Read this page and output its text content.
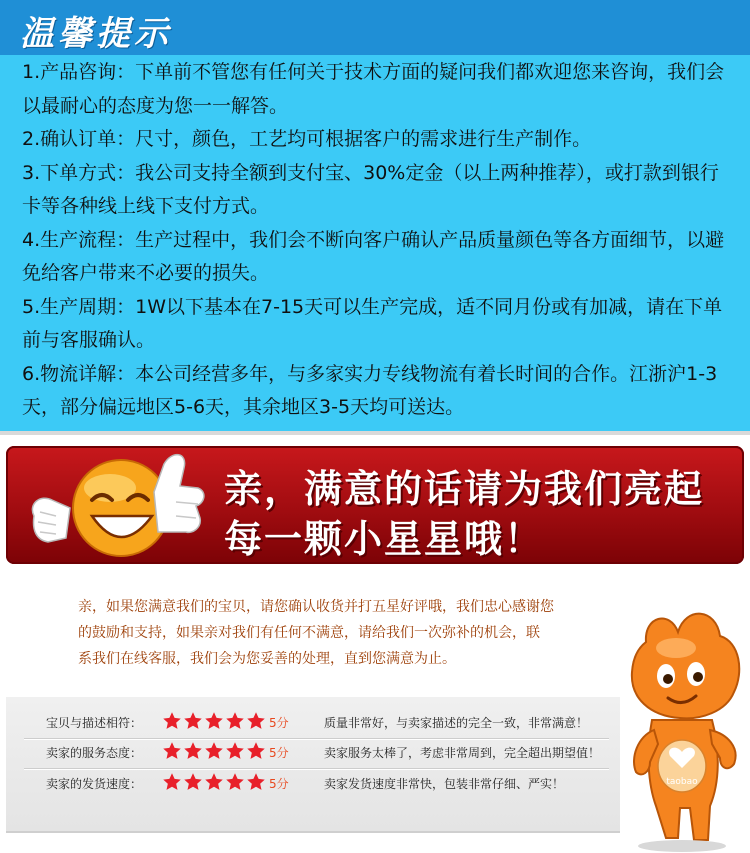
温馨提示

1.产品咨询：下单前不管您有任何关于技术方面的疑问我们都欢迎您来咨询，我们会以最耐心的态度为您一一解答。

2.确认订单：尺寸，颜色，工艺均可根据客户的需求进行生产制作。

3.下单方式：我公司支持全额到支付宝、30%定金（以上两种推荐），或打款到银行卡等各种线上线下支付方式。

4.生产流程：生产过程中，我们会不断向客户确认产品质量颜色等各方面细节，以避免给客户带来不必要的损失。

5.生产周期：1W以下基本在7-15天可以生产完成，适不同月份或有加减，请在下单前与客服确认。

6.物流详解：本公司经营多年，与多家实力专线物流有着长时间的合作。江浙沪1-3天，部分偏远地区5-6天，其余地区3-5天均可送达。

亲，满意的话请为我们亮起
每一颗小星星哦！

亲，如果您满意我们的宝贝，请您确认收货并打五星好评哦，我们忠心感谢您

的鼓励和支持，如果亲对我们有任何不满意，请给我们一次弥补的机会，联

系我们在线客服，我们会为您妥善的处理，直到您满意为止。

宝贝与描述相符：	5分	质量非常好，与卖家描述的完全一致，非常满意！
卖家的服务态度：	5分	卖家服务太棒了，考虑非常周到，完全超出期望值！
卖家的发货速度：	5分	卖家发货速度非常快，包装非常仔细、严实！	taobao
